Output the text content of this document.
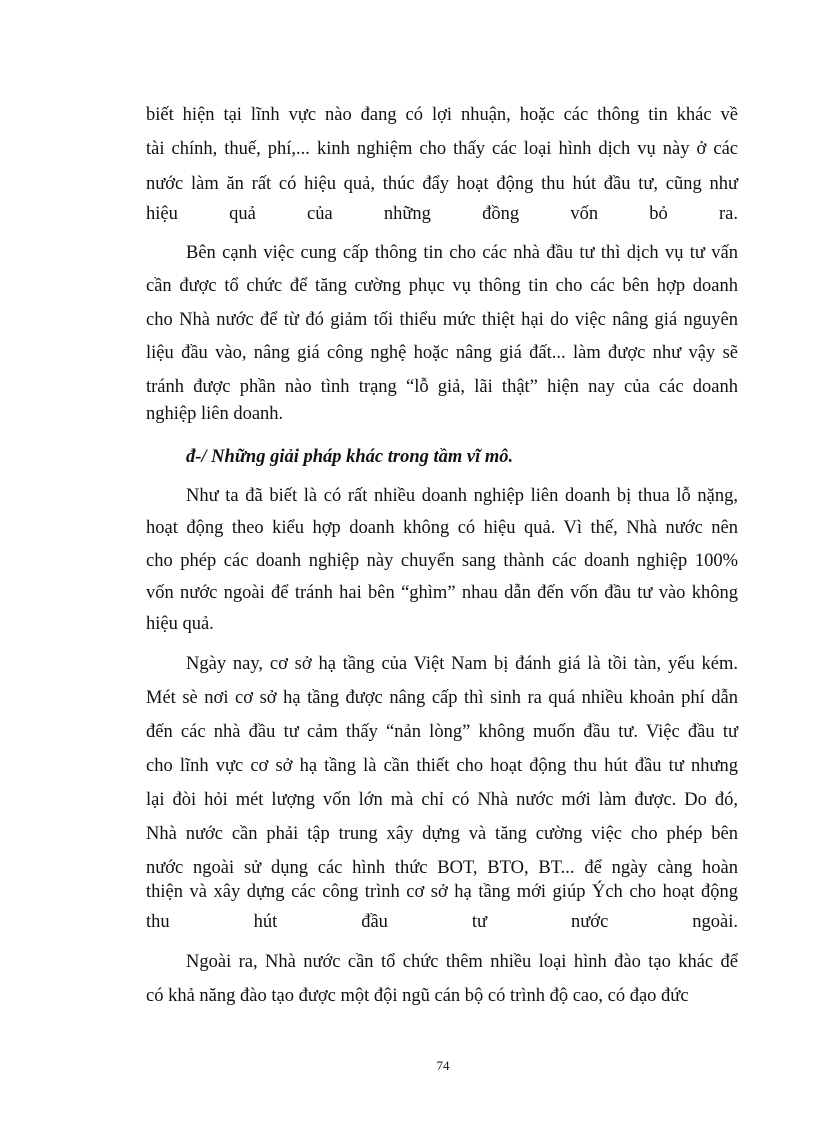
biết hiện tại lĩnh vực nào đang có lợi nhuận, hoặc các thông tin khác về
tài chính, thuế, phí,... kinh nghiệm cho thấy các loại hình dịch vụ này ở các
nước làm ăn rất có hiệu quả, thúc đẩy hoạt động thu hút đầu tư, cũng như
hiệu quả của những đồng vốn bỏ ra.
Bên cạnh việc cung cấp thông tin cho các nhà đầu tư thì dịch vụ tư vấn
cần được tổ chức để tăng cường phục vụ thông tin cho các bên hợp doanh
cho Nhà nước để từ đó giảm tối thiểu mức thiệt hại do việc nâng giá nguyên
liệu đầu vào, nâng giá công nghệ hoặc nâng giá đất... làm được như vậy sẽ
tránh được phần nào tình trạng “lỗ giả, lãi thật” hiện nay của các doanh
nghiệp liên doanh.
đ-/ Những giải pháp khác trong tầm vĩ mô.
Như ta đã biết là có rất nhiều doanh nghiệp liên doanh bị thua lỗ nặng,
hoạt động theo kiểu hợp doanh không có hiệu quả. Vì thế, Nhà nước nên
cho phép các doanh nghiệp này chuyển sang thành các doanh nghiệp 100%
vốn nước ngoài để tránh hai bên “ghìm” nhau dẫn đến vốn đầu tư vào không
hiệu quả.
Ngày nay, cơ sở hạ tầng của Việt Nam bị đánh giá là tồi tàn, yếu kém.
Mét sè nơi cơ sở hạ tầng được nâng cấp thì sinh ra quá nhiều khoản phí dẫn
đến các nhà đầu tư cảm thấy “nản lòng” không muốn đầu tư. Việc đầu tư
cho lĩnh vực cơ sở hạ tầng là cần thiết cho hoạt động thu hút đầu tư nhưng
lại đòi hỏi mét lượng vốn lớn mà chỉ có Nhà nước mới làm được. Do đó,
Nhà nước cần phải tập trung xây dựng và tăng cường việc cho phép bên
nước ngoài sử dụng các hình thức BOT, BTO, BT... để ngày càng hoàn
thiện và xây dựng các công trình cơ sở hạ tầng mới giúp Ých cho hoạt động
thu hút đầu tư nước ngoài.
Ngoài ra, Nhà nước cần tổ chức thêm nhiều loại hình đào tạo khác để
có khả năng đào tạo được một đội ngũ cán bộ có trình độ cao, có đạo đức
74
